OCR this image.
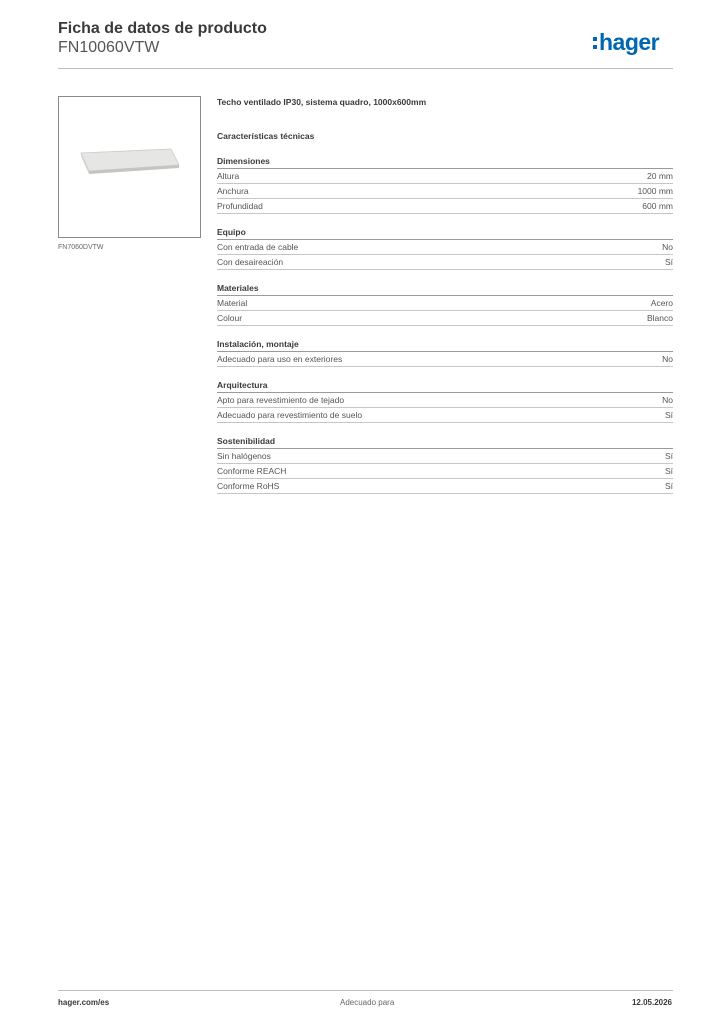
Ficha de datos de producto
FN10060VTW	hager
FN7060DVTW
Techo ventilado IP30, sistema quadro, 1000x600mm
Características técnicas
Dimensiones
Altura	20 mm
Anchura	1000 mm
Profundidad	600 mm
Equipo
Con entrada de cable	No
Con desaireación	Sí
Materiales
Material	Acero
Colour	Blanco
Instalación, montaje
Adecuado para uso en exteriores	No
Arquitectura
Apto para revestimiento de tejado	No
Adecuado para revestimiento de suelo	Sí
Sostenibilidad
Sin halógenos	Sí
Conforme REACH	Sí
Conforme RoHS	Sí
hager.com/es	Adecuado para	12.05.2026
